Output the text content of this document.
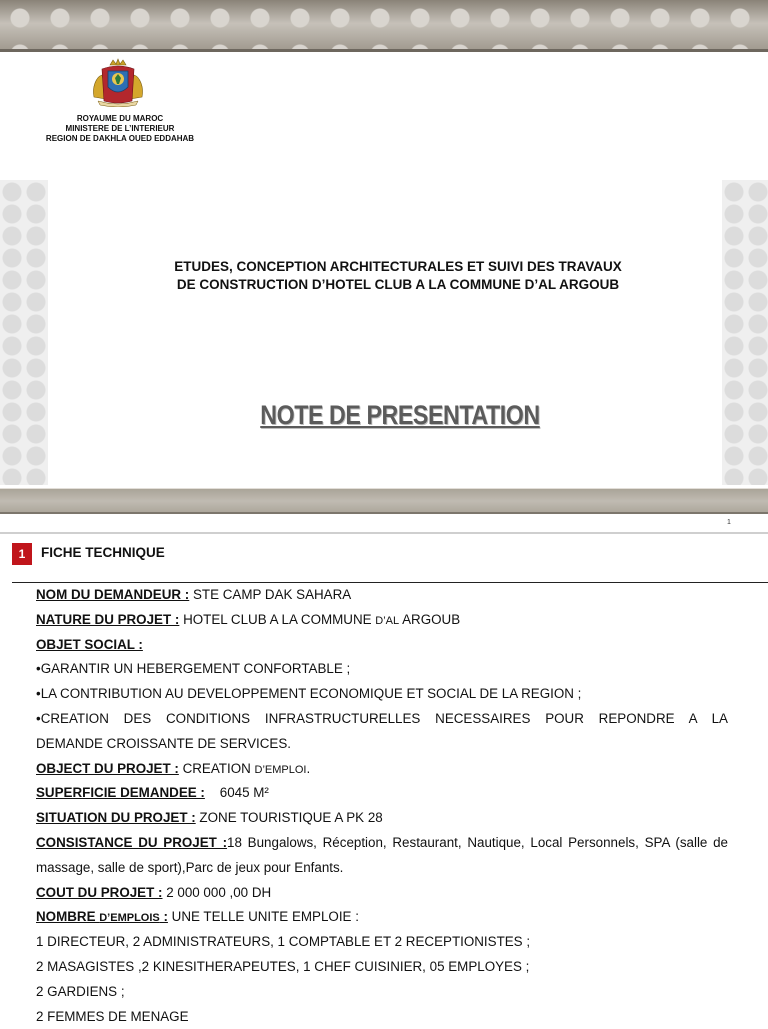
ROYAUME DU MAROC
MINISTERE DE L’INTERIEUR
REGION DE DAKHLA OUED EDDAHAB
ETUDES, CONCEPTION ARCHITECTURALES ET SUIVI DES TRAVAUX
DE CONSTRUCTION D’HOTEL CLUB A LA COMMUNE D’AL ARGOUB
NOTE DE PRESENTATION
1
1	FICHE TECHNIQUE
NOM DU DEMANDEUR : STE CAMP DAK SAHARA
NATURE DU PROJET : HOTEL CLUB A LA COMMUNE D’AL ARGOUB
OBJET SOCIAL :
•GARANTIR UN HEBERGEMENT CONFORTABLE ;
•LA CONTRIBUTION AU DEVELOPPEMENT ECONOMIQUE ET SOCIAL DE LA REGION ;
•CREATION DES CONDITIONS INFRASTRUCTURELLES NECESSAIRES POUR REPONDRE A LA
DEMANDE CROISSANTE DE SERVICES.
OBJECT DU PROJET : CREATION D’EMPLOI.
SUPERFICIE DEMANDEE :    6045 M²
SITUATION DU PROJET : ZONE TOURISTIQUE A PK 28
CONSISTANCE DU PROJET :18 Bungalows, Réception, Restaurant, Nautique, Local Personnels, SPA (salle de
massage, salle de sport),Parc de jeux pour Enfants.
COUT DU PROJET : 2 000 000 ,00 DH
NOMBRE D’EMPLOIS : UNE TELLE UNITE EMPLOIE :
1 DIRECTEUR, 2 ADMINISTRATEURS, 1 COMPTABLE ET 2 RECEPTIONISTES ;
2 MASAGISTES ,2 KINESITHERAPEUTES, 1 CHEF CUISINIER, 05 EMPLOYES ;
2 GARDIENS ;
2 FEMMES DE MENAGE
